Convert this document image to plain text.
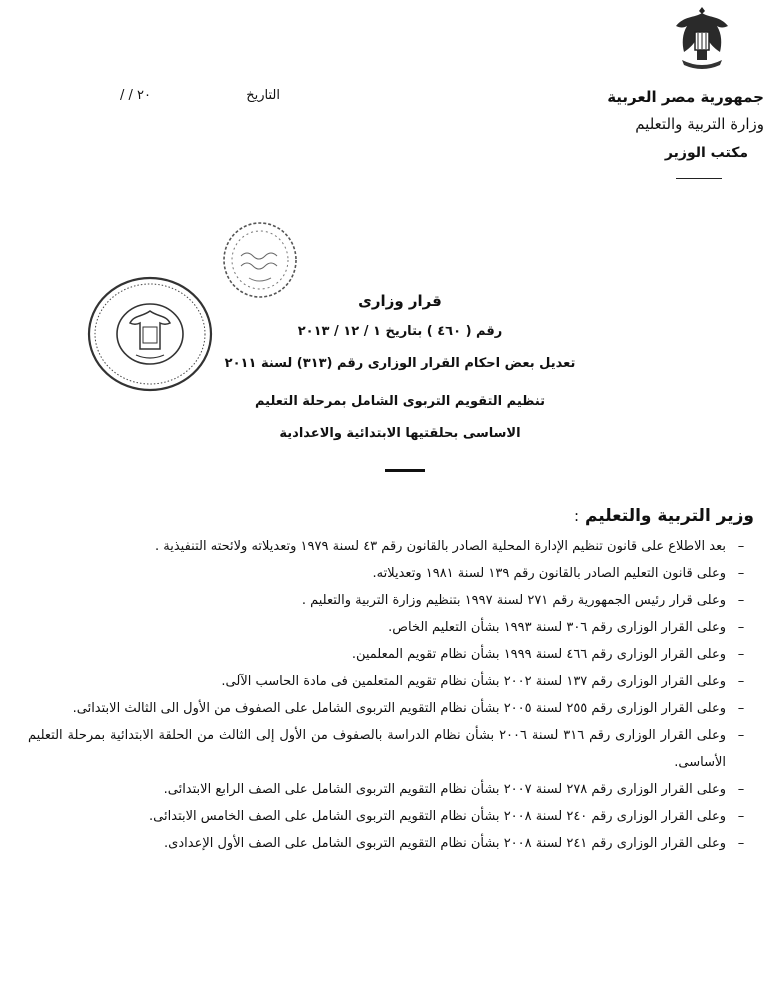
جمهورية مصر العربية
وزارة التربية والتعليم
مكتب الوزير
التاريخ
/ / ٢٠
قرار وزارى
رقم ( ٤٦٠ ) بتاريخ ١ / ١٢ / ٢٠١٣
تعديل بعض احكام القرار الوزارى رقم (٣١٣) لسنة ٢٠١١
تنظيم التقويم التربوى الشامل بمرحلة التعليم
الاساسى بحلقتيها الابتدائية والاعدادية
وزير التربية والتعليم :
–
بعد الاطلاع على قانون تنظيم الإدارة المحلية الصادر بالقانون رقم ٤٣ لسنة ١٩٧٩ وتعديلاته ولائحته التنفيذية .
–
وعلى قانون التعليم الصادر بالقانون رقم ١٣٩ لسنة ١٩٨١ وتعديلاته.
–
وعلى قرار رئيس الجمهورية رقم ٢٧١ لسنة ١٩٩٧ بتنظيم وزارة التربية والتعليم .
–
وعلى القرار الوزارى رقم ٣٠٦ لسنة ١٩٩٣ بشأن التعليم الخاص.
–
وعلى القرار الوزارى رقم ٤٦٦ لسنة ١٩٩٩ بشأن نظام تقويم المعلمين.
–
وعلى القرار الوزارى رقم ١٣٧ لسنة ٢٠٠٢ بشأن نظام تقويم المتعلمين فى مادة الحاسب الآلى.
–
وعلى القرار الوزارى رقم ٢٥٥ لسنة ٢٠٠٥ بشأن نظام التقويم التربوى الشامل على الصفوف من الأول الى الثالث الابتدائى.
–
وعلى القرار الوزارى رقم ٣١٦ لسنة ٢٠٠٦ بشأن نظام الدراسة بالصفوف من الأول إلى الثالث من الحلقة الابتدائية بمرحلة التعليم الأساسى.
–
وعلى القرار الوزارى رقم ٢٧٨ لسنة ٢٠٠٧ بشأن نظام التقويم التربوى الشامل على الصف الرابع الابتدائى.
–
وعلى القرار الوزارى رقم ٢٤٠ لسنة ٢٠٠٨ بشأن نظام التقويم التربوى الشامل على الصف الخامس الابتدائى.
–
وعلى القرار الوزارى رقم ٢٤١ لسنة ٢٠٠٨ بشأن نظام التقويم التربوى الشامل على الصف الأول الإعدادى.
